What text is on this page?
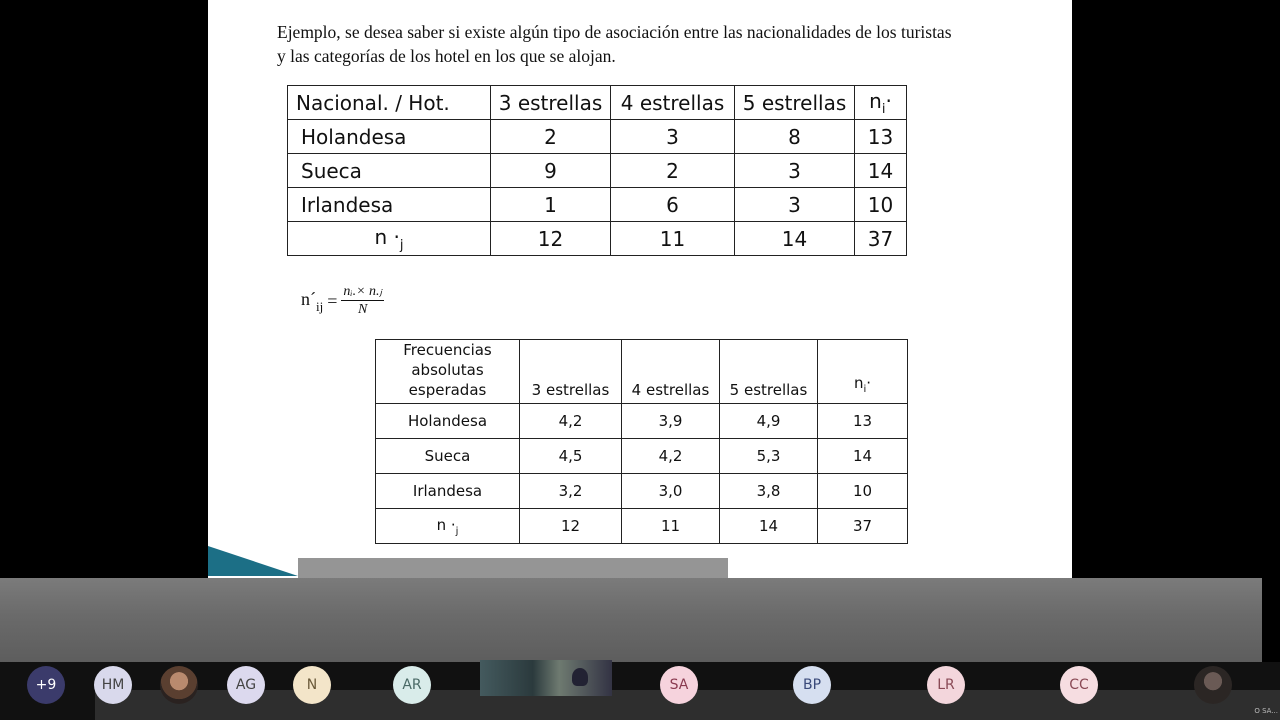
Ejemplo, se desea saber si existe algún tipo de asociación entre las nacionalidades de los turistas
y las categorías de los hotel en los que se alojan.

Nacional. / Hot.	3 estrellas	4 estrellas	5 estrellas	$n_i\cdot$
Holandesa	2	3	8	13
Sueca	9	2	3	14
Irlandesa	1	6	3	10
$n \cdot_j$	12	11	14	37
$n´_{ij} = \frac{\text{nᵢ.× n.ⱼ}}{N}$
Frecuencias
absolutas
esperadas	3 estrellas	4 estrellas	5 estrellas	$n_i\cdot$
Holandesa	4,2	3,9	4,9	13
Sueca	4,5	4,2	5,3	14
Irlandesa	3,2	3,0	3,8	10
$n \cdot_j$	12	11	14	37
+9	HM	AG	N	AR	SA	BP	LR	CC
O SA...
